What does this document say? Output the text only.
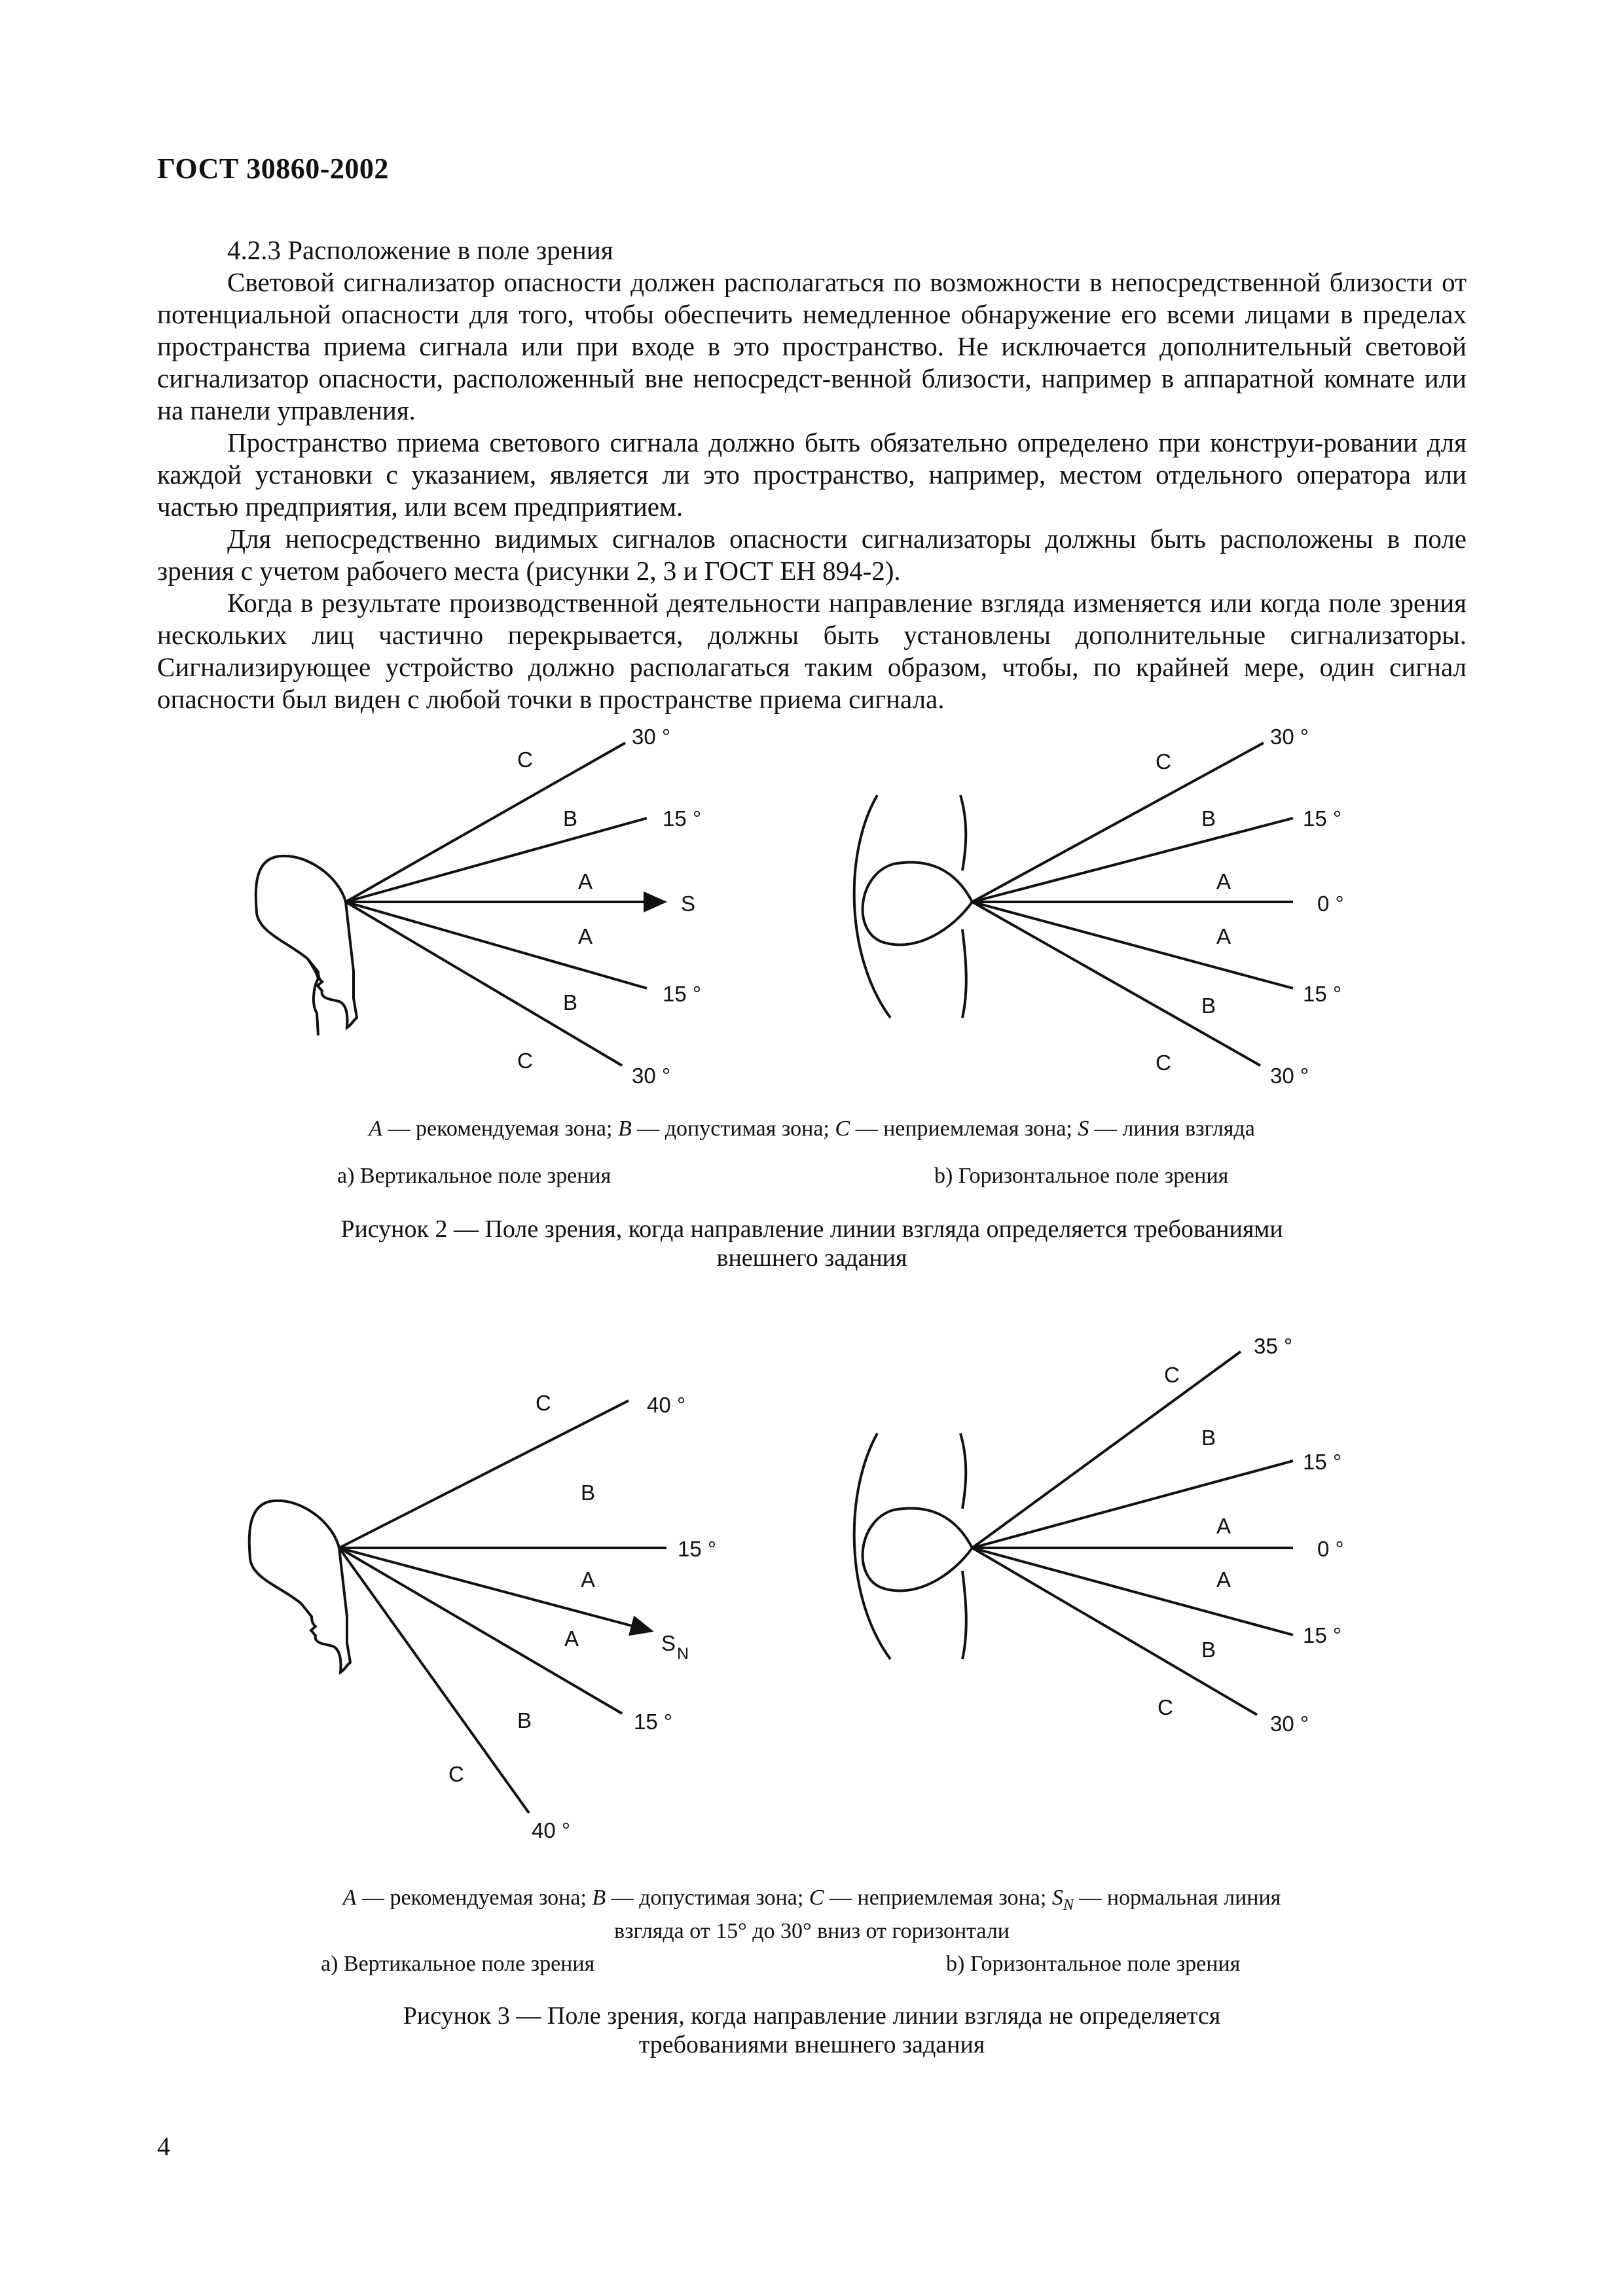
ГОСТ 30860-2002

4.2.3 Расположение в поле зрения

Световой сигнализатор опасности должен располагаться по возможности в непосредственной близости от потенциальной опасности для того, чтобы обеспечить немедленное обнаружение его всеми лицами в пределах пространства приема сигнала или при входе в это пространство. Не исключается дополнительный световой сигнализатор опасности, расположенный вне непосредст-венной близости, например в аппаратной комнате или на панели управления.

Пространство приема светового сигнала должно быть обязательно определено при конструи-ровании для каждой установки с указанием, является ли это пространство, например, местом отдельного оператора или частью предприятия, или всем предприятием.

Для непосредственно видимых сигналов опасности сигнализаторы должны быть расположены в поле зрения с учетом рабочего места (рисунки 2, 3 и ГОСТ ЕН 894-2).

Когда в результате производственной деятельности направление взгляда изменяется или когда поле зрения нескольких лиц частично перекрывается, должны быть установлены дополнительные сигнализаторы. Сигнализирующее устройство должно располагаться таким образом, чтобы, по крайней мере, один сигнал опасности был виден с любой точки в пространстве приема сигнала.

30 °
15 °
S
15 °
30 °
C
B
A
A
B
C
30 °
15 °
0 °
15 °
30 °
C
B
A
A
B
C
40 °
15 °
S N
15 °
40 °
C
B
A
A
B
C
35 °
15 °
0 °
15 °
30 °
C
B
A
A
B
C
A — рекомендуемая зона; B — допустимая зона; C — неприемлемая зона; S — линия взгляда
а) Вертикальное поле зрения	b) Горизонтальное поле зрения
Рисунок 2 — Поле зрения, когда направление линии взгляда определяется требованиями
внешнего задания
A — рекомендуемая зона; B — допустимая зона; C — неприемлемая зона; $S_N$ — нормальная линия
взгляда от 15° до 30° вниз от горизонтали
а) Вертикальное поле зрения	b) Горизонтальное поле зрения
Рисунок 3 — Поле зрения, когда направление линии взгляда не определяется
требованиями внешнего задания
4
